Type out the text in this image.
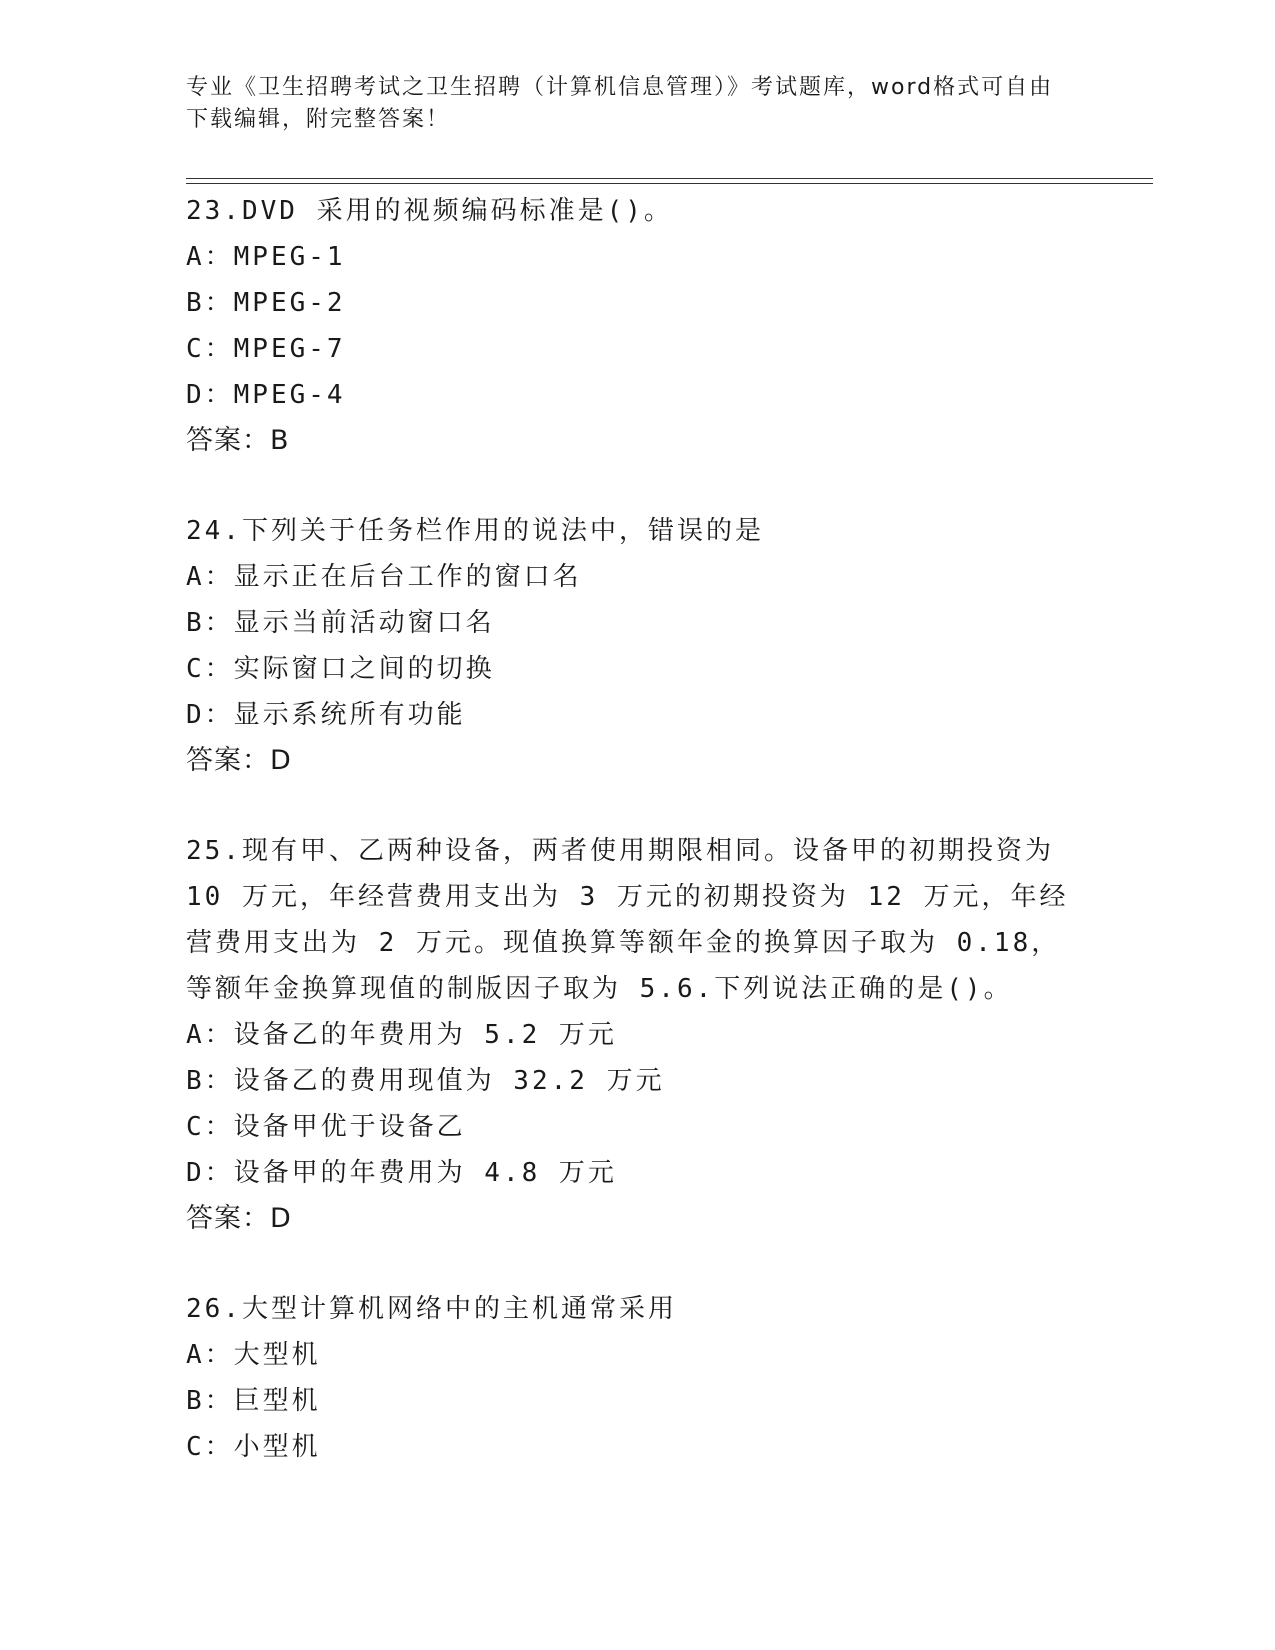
专业《卫生招聘考试之卫生招聘（计算机信息管理）》考试题库，word格式可自由下载编辑，附完整答案！

23.DVD 采用的视频编码标准是()。

A：MPEG-1

B：MPEG-2

C：MPEG-7

D：MPEG-4

答案：B

24.下列关于任务栏作用的说法中，错误的是

A：显示正在后台工作的窗口名

B：显示当前活动窗口名

C：实际窗口之间的切换

D：显示系统所有功能

答案：D

25.现有甲、乙两种设备，两者使用期限相同。设备甲的初期投资为 10 万元，年经营费用支出为 3 万元的初期投资为 12 万元，年经营费用支出为 2 万元。现值换算等额年金的换算因子取为 0.18，等额年金换算现值的制版因子取为 5.6.下列说法正确的是()。

A：设备乙的年费用为 5.2 万元

B：设备乙的费用现值为 32.2 万元

C：设备甲优于设备乙

D：设备甲的年费用为 4.8 万元

答案：D

26.大型计算机网络中的主机通常采用

A：大型机

B：巨型机

C：小型机
